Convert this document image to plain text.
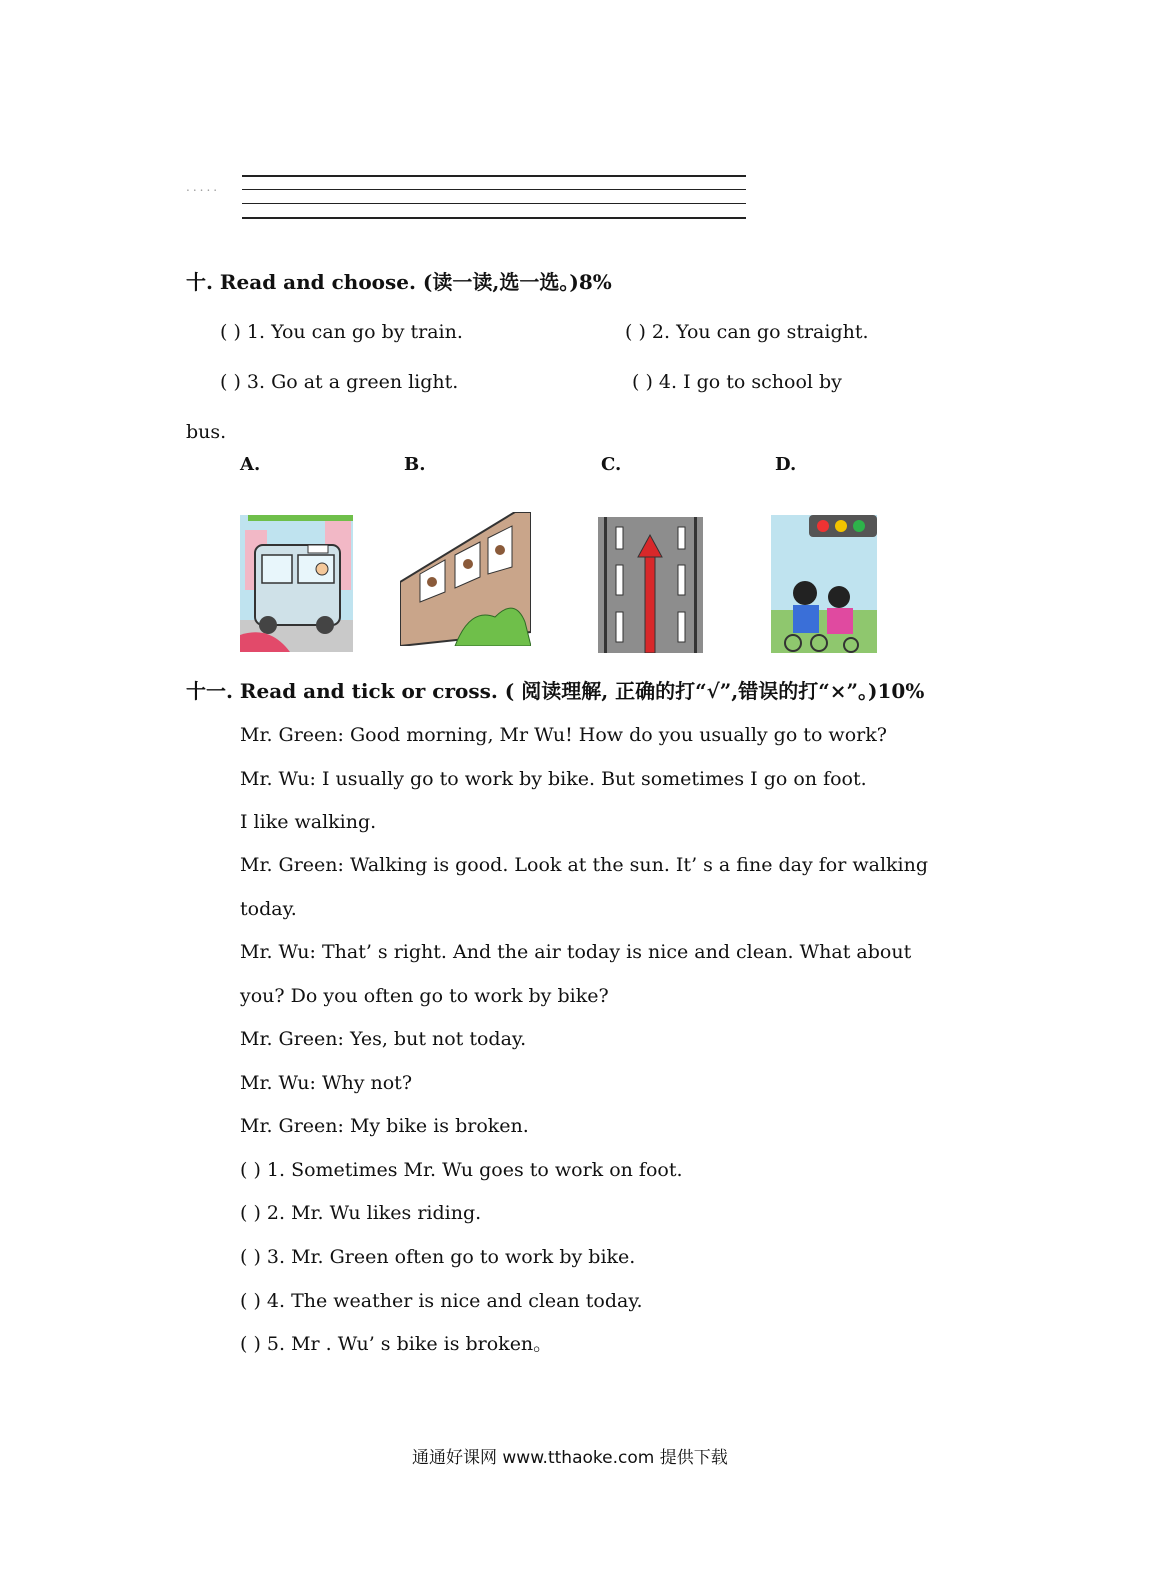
.....
十. Read and choose. (读一读,选一选。)8%
( ) 1. You can go by train.	( ) 2. You can go straight.
( ) 3. Go at a green light.	( ) 4. I go to school by
bus.
A.	B.	C.	D.
十一. Read and tick or cross. ( 阅读理解, 正确的打“√”,错误的打“×”。)10%
Mr. Green: Good morning, Mr Wu! How do you usually go to work?
Mr. Wu: I usually go to work by bike. But sometimes I go on foot.
I like walking.
Mr. Green: Walking is good. Look at the sun. It’ s a fine day for walking
today.
Mr. Wu: That’ s right. And the air today is nice and clean. What about
you? Do you often go to work by bike?
Mr. Green: Yes, but not today.
Mr. Wu: Why not?
Mr. Green: My bike is broken.
( ) 1. Sometimes Mr. Wu goes to work on foot.
( ) 2. Mr. Wu likes riding.
( ) 3. Mr. Green often go to work by bike.
( ) 4. The weather is nice and clean today.
( ) 5. Mr . Wu’ s bike is broken。
通通好课网 www.tthaoke.com 提供下载
